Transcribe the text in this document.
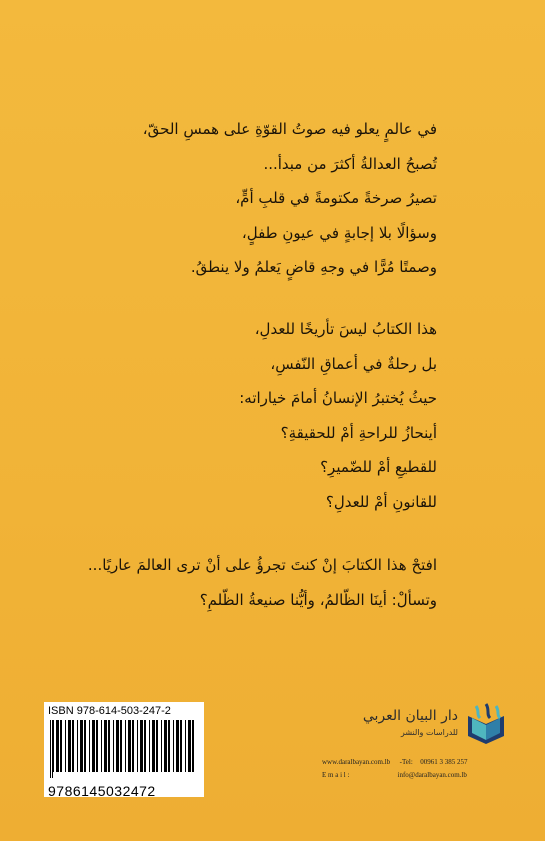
في عالمٍ يعلو فيه صوتُ القوّةِ على همسِ الحقّ،
تُصبحُ العدالةُ أكثرَ من مبدأ...
تصيرُ صرخةً مكتومةً في قلبِ أمٍّ،
وسؤالًا بلا إجابةٍ في عيونِ طفلٍ،
وصمتًا مُرًّا في وجهِ قاضٍ يَعلمُ ولا ينطقُ.
هذا الكتابُ ليسَ تأريخًا للعدلِ،
بل رحلةٌ في أعماقِ النّفسِ،
حيثُ يُختبرُ الإنسانُ أمامَ خياراته:
أينحازُ للراحةِ أمْ للحقيقةِ؟
للقطيعِ أمْ للضّميرِ؟
للقانونِ أمْ للعدلِ؟
افتحْ هذا الكتابَ إنْ كنتَ تجرؤُ على أنْ ترى العالمَ عاريًا...
وتسألْ: أينَا الظّالمُ، وأيُّنا صنيعةُ الظّلمِ؟
ISBN 978-614-503-247-2
9786145032472
دار البيان العربي
للدراسات والنشر
www.daralbayan.com.lb -Tel: 00961 3 385 257
E m a i l :	info@daralbayan.com.lb
